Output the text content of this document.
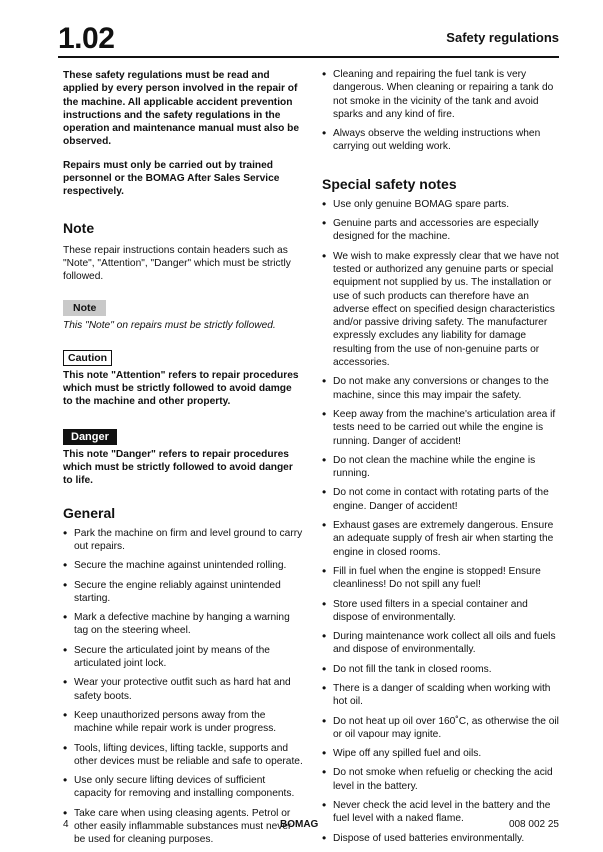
1.02	Safety regulations

These safety regulations must be read and applied by every person involved in the repair of the machine. All applicable accident prevention instructions and the safety regulations in the operation and maintenance manual must also be observed.

Repairs must only be carried out by trained personnel or the BOMAG After Sales Service respectively.

Note

These repair instructions contain headers such as "Note", "Attention", "Danger" which must be strictly followed.

Note

This "Note" on repairs must be strictly followed.

Caution

This note "Attention" refers to repair procedures which must be strictly followed to avoid damge to the machine and other property.

Danger

This note "Danger" refers to repair procedures which must be strictly followed to avoid danger to life.

General
• Park the machine on firm and level ground to carry out repairs.
• Secure the machine against unintended rolling.
• Secure the engine reliably against unintended starting.
• Mark a defective machine by hanging a warning tag on the steering wheel.
• Secure the articulated joint by means of the articulated joint lock.
• Wear your protective outfit such as hard hat and safety boots.
• Keep unauthorized persons away from the machine while repair work is under progress.
• Tools, lifting devices, lifting tackle, supports and other devices must be reliable and safe to operate.
• Use only secure lifting devices of sufficient capacity for removing and installing components.
• Take care when using cleasing agents. Petrol or other easily inflammable substances must never be used for cleaning purposes.
• Cleaning and repairing the fuel tank is very dangerous. When cleaning or repairing a tank do not smoke in the vicinity of the tank and avoid sparks and any kind of fire.
• Always observe the welding instructions when carrying out welding work.
Special safety notes
• Use only genuine BOMAG spare parts.
• Genuine parts and accessories are especially designed for the machine.
• We wish to make expressly clear that we have not tested or authorized any genuine parts or special equipment not supplied by us. The installation or use of such products can therefore have an adverse effect on specified design characteristics and/or passive driving safety. The manufacturer expressly excludes any liability for damage resulting from the use of non-genuine parts or accessories.
• Do not make any conversions or changes to the machine, since this may impair the safety.
• Keep away from the machine's articulation area if tests need to be carried out while the engine is running. Danger of accident!
• Do not clean the machine while the engine is running.
• Do not come in contact with rotating parts of the engine. Danger of accident!
• Exhaust gases are extremely dangerous. Ensure an adequate supply of fresh air when starting the engine in closed rooms.
• Fill in fuel when the engine is stopped! Ensure cleanliness! Do not spill any fuel!
• Store used filters in a special container and dispose of environmentally.
• During maintenance work collect all oils and fuels and dispose of environmentally.
• Do not fill the tank in closed rooms.
• There is a danger of scalding when working with hot oil.
• Do not heat up oil over 160˚C, as otherwise the oil or oil vapour may ignite.
• Wipe off any spilled fuel and oils.
• Do not smoke when refuelig or checking the acid level in the battery.
• Never check the acid level in the battery and the fuel level with a naked flame.
• Dispose of used batteries environmentally.
4	BOMAG	008 002 25
